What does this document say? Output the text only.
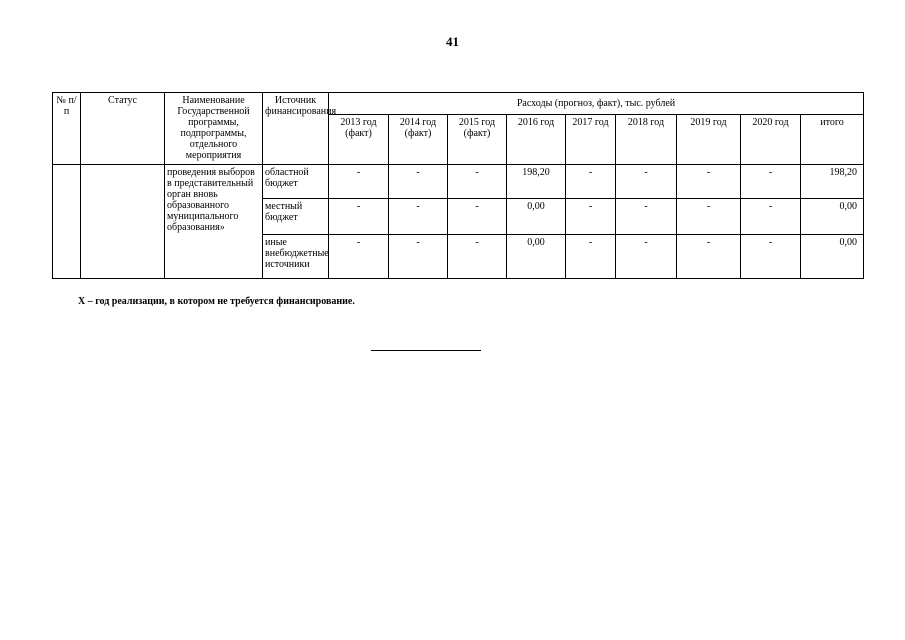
41
№ п/п	Статус	Наименование Государственной программы, подпрограммы, отдельного мероприятия	Источник финансирования	Расходы (прогноз, факт), тыс. рублей								
				2013 год (факт)	2014 год (факт)	2015 год (факт)	2016 год	2017 год	2018 год	2019 год	2020 год	итого
		проведения выборов в представительный орган вновь образованного муниципального образования»	областной бюджет	-	-	-	198,20	-	-	-	-	198,20
			местный бюджет	-	-	-	0,00	-	-	-	-	0,00
			иные внебюджетные источники	-	-	-	0,00	-	-	-	-	0,00
Х – год реализации, в котором не требуется финансирование.
